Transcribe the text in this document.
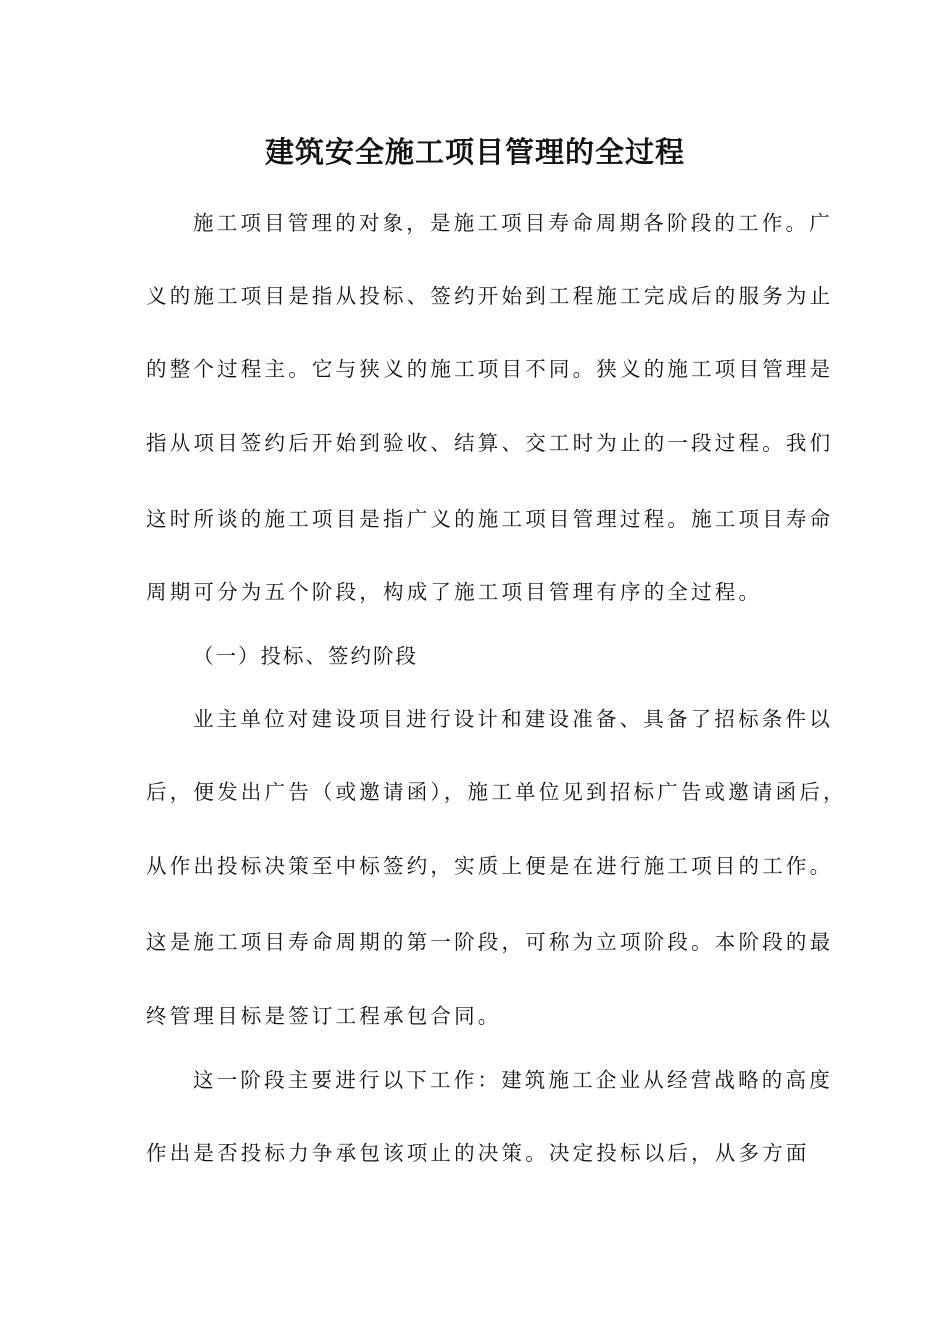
建筑安全施工项目管理的全过程
施工项目管理的对象，是施工项目寿命周期各阶段的工作。广
义的施工项目是指从投标、签约开始到工程施工完成后的服务为止
的整个过程主。它与狭义的施工项目不同。狭义的施工项目管理是
指从项目签约后开始到验收、结算、交工时为止的一段过程。我们
这时所谈的施工项目是指广义的施工项目管理过程。施工项目寿命
周期可分为五个阶段，构成了施工项目管理有序的全过程。
（一）投标、签约阶段
业主单位对建设项目进行设计和建设准备、具备了招标条件以
后，便发出广告（或邀请函），施工单位见到招标广告或邀请函后，
从作出投标决策至中标签约，实质上便是在进行施工项目的工作。
这是施工项目寿命周期的第一阶段，可称为立项阶段。本阶段的最
终管理目标是签订工程承包合同。
这一阶段主要进行以下工作：建筑施工企业从经营战略的高度
作出是否投标力争承包该项止的决策。决定投标以后，从多方面
